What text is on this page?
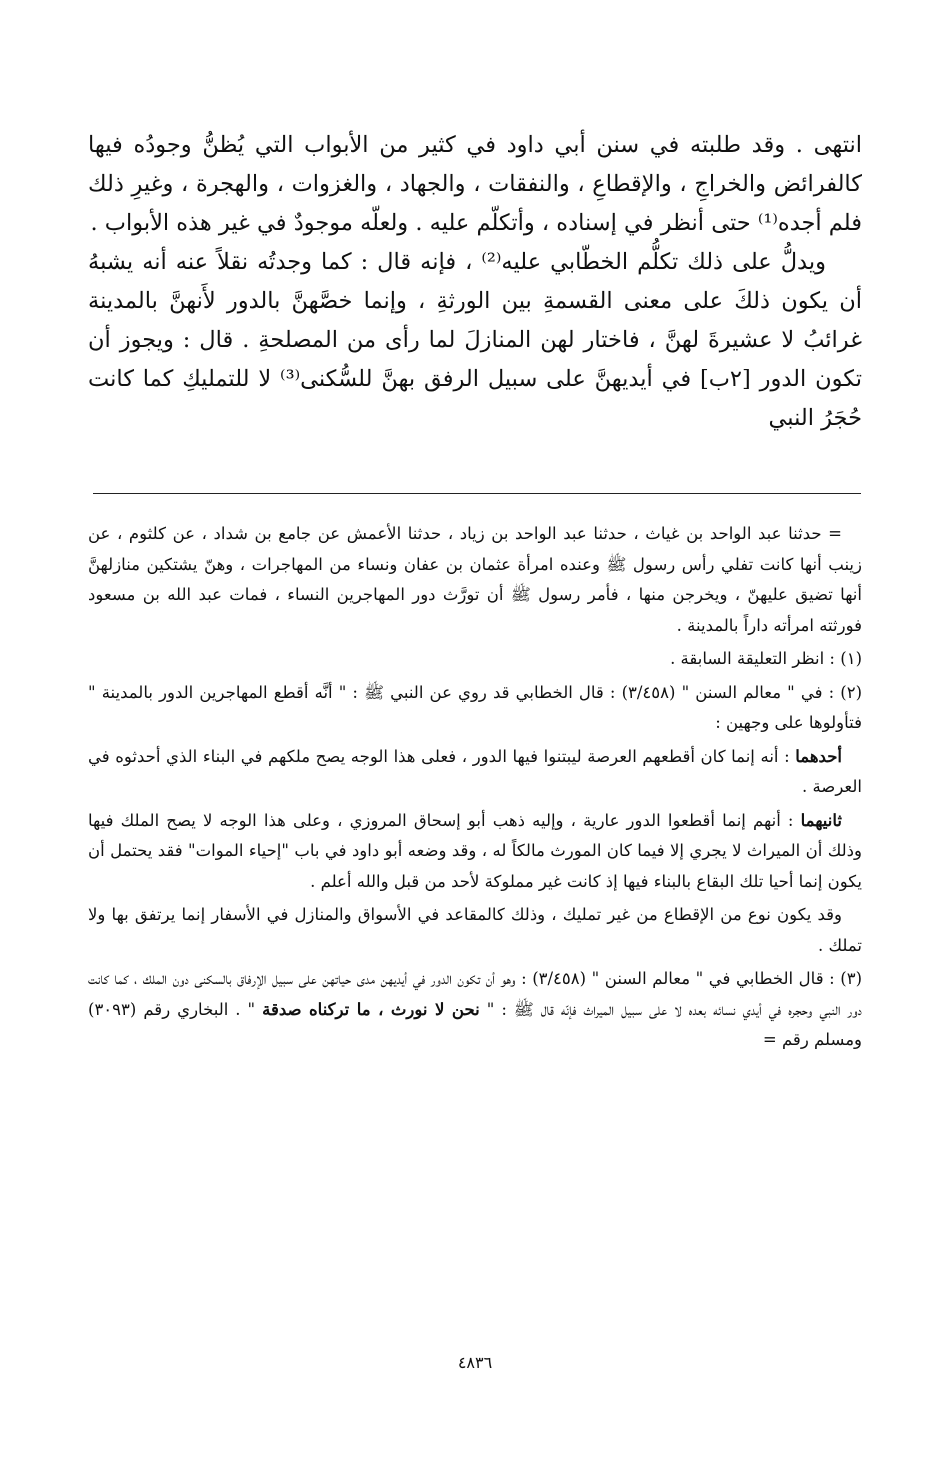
انتهى . وقد طلبته في سنن أبي داود في كثير من الأبواب التي يُظنُّ وجودُه فيها كالفرائض والخراجِ ، والإقطاعِ ، والنفقات ، والجهاد ، والغزوات ، والهجرة ، وغيرِ ذلك فلم أجده⁽¹⁾ حتى أنظر في إسناده ، وأتكلّم عليه . ولعلّه موجودٌ في غير هذه الأبواب .

ويدلُّ على ذلك تكلُّم الخطّابي عليه⁽²⁾ ، فإنه قال : كما وجدتُه نقلاً عنه أنه يشبهُ أن يكون ذلكَ على معنى القسمةِ بين الورثةِ ، وإنما خصَّهنَّ بالدور لأَنهنَّ بالمدينة غرائبُ لا عشيرةَ لهنَّ ، فاختار لهن المنازلَ لما رأى من المصلحةِ . قال : ويجوز أن تكون الدور [٢ب] في أيديهنَّ على سبيل الرفق بهنَّ للسُّكنى⁽³⁾ لا للتمليكِ كما كانت حُجَرُ النبي

= حدثنا عبد الواحد بن غياث ، حدثنا عبد الواحد بن زياد ، حدثنا الأعمش عن جامع بن شداد ، عن كلثوم ، عن زينب أنها كانت تفلي رأس رسول ﷺ وعنده امرأة عثمان بن عفان ونساء من المهاجرات ، وهنّ يشتكين منازلهنَّ أنها تضيق عليهنّ ، ويخرجن منها ، فأمر رسول ﷺ أن تورَّث دور المهاجرين النساء ، فمات عبد الله بن مسعود فورثته امرأته داراً بالمدينة .

(١) : انظر التعليقة السابقة .

(٢) : في " معالم السنن " (٣/٤٥٨) : قال الخطابي قد روي عن النبي ﷺ : " أنَّه أقطع المهاجرين الدور بالمدينة " فتأولوها على وجهين :

أحدهما : أنه إنما كان أقطعهم العرصة ليبتنوا فيها الدور ، فعلى هذا الوجه يصح ملكهم في البناء الذي أحدثوه في العرصة .

ثانيهما : أنهم إنما أقطعوا الدور عارية ، وإليه ذهب أبو إسحاق المروزي ، وعلى هذا الوجه لا يصح الملك فيها وذلك أن الميراث لا يجري إلا فيما كان المورث مالكاً له ، وقد وضعه أبو داود في باب "إحياء الموات" فقد يحتمل أن يكون إنما أحيا تلك البقاع بالبناء فيها إذ كانت غير مملوكة لأحد من قبل والله أعلم .

وقد يكون نوع من الإقطاع من غير تمليك ، وذلك كالمقاعد في الأسواق والمنازل في الأسفار إنما يرتفق بها ولا تملك .

(٣) : قال الخطابي في " معالم السنن " (٣/٤٥٨) : وهو أن تكون الدور في أيديهن مدى حياتهن على سبيل الإرفاق بالسكنى دون الملك ، كما كانت دور النبي وحجره في أيدي نسائه بعده لا على سبيل الميراث فإنّه قال ﷺ : " نحن لا نورث ، ما تركناه صدقة " . البخاري رقم (٣٠٩٣) ومسلم رقم =

٤٨٣٦
